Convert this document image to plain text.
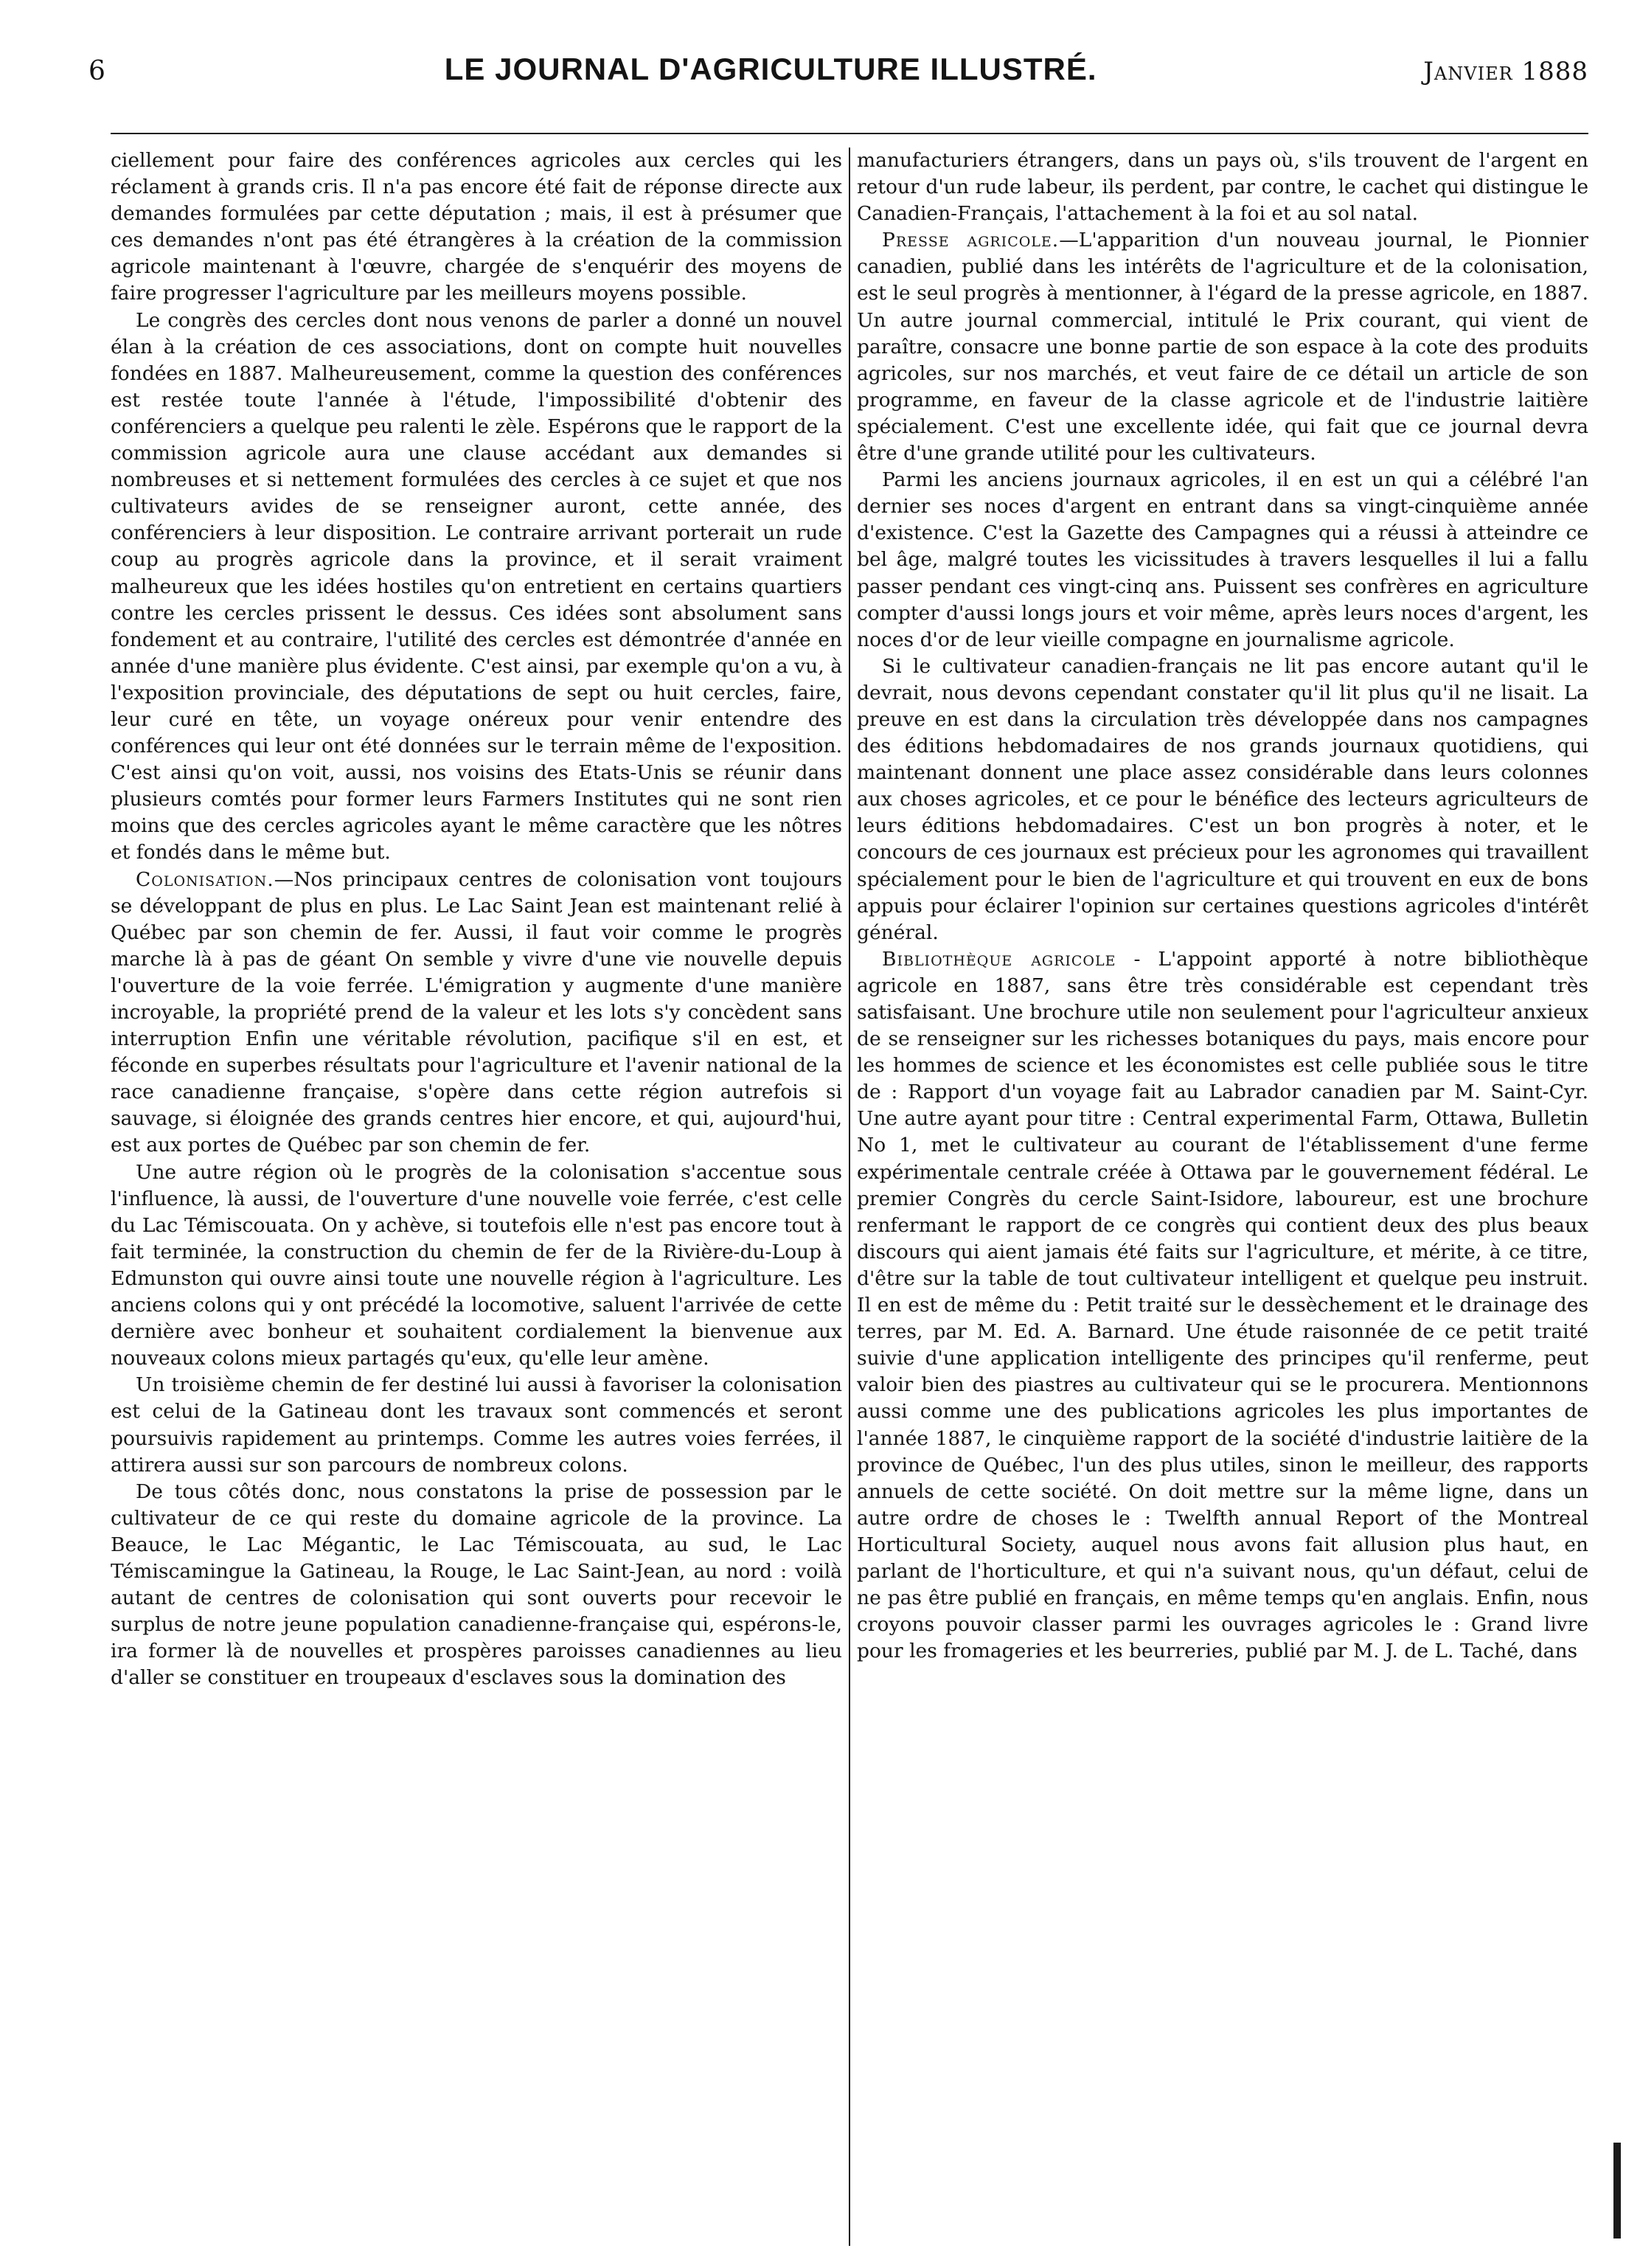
6	LE JOURNAL D'AGRICULTURE ILLUSTRÉ.	Janvier 1888

ciellement pour faire des conférences agricoles aux cercles qui les réclament à grands cris. Il n'a pas encore été fait de réponse directe aux demandes formulées par cette députation ; mais, il est à présumer que ces demandes n'ont pas été étrangères à la création de la commission agricole maintenant à l'œuvre, chargée de s'enquérir des moyens de faire progresser l'agriculture par les meilleurs moyens possible.

Le congrès des cercles dont nous venons de parler a donné un nouvel élan à la création de ces associations, dont on compte huit nouvelles fondées en 1887. Malheureusement, comme la question des conférences est restée toute l'année à l'étude, l'impossibilité d'obtenir des conférenciers a quelque peu ralenti le zèle. Espérons que le rapport de la commission agricole aura une clause accédant aux demandes si nombreuses et si nettement formulées des cercles à ce sujet et que nos cultivateurs avides de se renseigner auront, cette année, des conférenciers à leur disposition. Le contraire arrivant porterait un rude coup au progrès agricole dans la province, et il serait vraiment malheureux que les idées hostiles qu'on entretient en certains quartiers contre les cercles prissent le dessus. Ces idées sont absolument sans fondement et au contraire, l'utilité des cercles est démontrée d'année en année d'une manière plus évidente. C'est ainsi, par exemple qu'on a vu, à l'exposition provinciale, des députations de sept ou huit cercles, faire, leur curé en tête, un voyage onéreux pour venir entendre des conférences qui leur ont été données sur le terrain même de l'exposition. C'est ainsi qu'on voit, aussi, nos voisins des Etats-Unis se réunir dans plusieurs comtés pour former leurs Farmers Institutes qui ne sont rien moins que des cercles agricoles ayant le même caractère que les nôtres et fondés dans le même but.

Colonisation.—Nos principaux centres de colonisation vont toujours se développant de plus en plus. Le Lac Saint Jean est maintenant relié à Québec par son chemin de fer. Aussi, il faut voir comme le progrès marche là à pas de géant On semble y vivre d'une vie nouvelle depuis l'ouverture de la voie ferrée. L'émigration y augmente d'une manière incroyable, la propriété prend de la valeur et les lots s'y concèdent sans interruption Enfin une véritable révolution, pacifique s'il en est, et féconde en superbes résultats pour l'agriculture et l'avenir national de la race canadienne française, s'opère dans cette région autrefois si sauvage, si éloignée des grands centres hier encore, et qui, aujourd'hui, est aux portes de Québec par son chemin de fer.

Une autre région où le progrès de la colonisation s'accentue sous l'influence, là aussi, de l'ouverture d'une nouvelle voie ferrée, c'est celle du Lac Témiscouata. On y achève, si toutefois elle n'est pas encore tout à fait terminée, la construction du chemin de fer de la Rivière-du-Loup à Edmunston qui ouvre ainsi toute une nouvelle région à l'agriculture. Les anciens colons qui y ont précédé la locomotive, saluent l'arrivée de cette dernière avec bonheur et souhaitent cordialement la bienvenue aux nouveaux colons mieux partagés qu'eux, qu'elle leur amène.

Un troisième chemin de fer destiné lui aussi à favoriser la colonisation est celui de la Gatineau dont les travaux sont commencés et seront poursuivis rapidement au printemps. Comme les autres voies ferrées, il attirera aussi sur son parcours de nombreux colons.

De tous côtés donc, nous constatons la prise de possession par le cultivateur de ce qui reste du domaine agricole de la province. La Beauce, le Lac Mégantic, le Lac Témiscouata, au sud, le Lac Témiscamingue la Gatineau, la Rouge, le Lac Saint-Jean, au nord : voilà autant de centres de colonisation qui sont ouverts pour recevoir le surplus de notre jeune population canadienne-française qui, espérons-le, ira former là de nouvelles et prospères paroisses canadiennes au lieu d'aller se constituer en troupeaux d'esclaves sous la domination des

manufacturiers étrangers, dans un pays où, s'ils trouvent de l'argent en retour d'un rude labeur, ils perdent, par contre, le cachet qui distingue le Canadien-Français, l'attachement à la foi et au sol natal.

Presse agricole.—L'apparition d'un nouveau journal, le Pionnier canadien, publié dans les intérêts de l'agriculture et de la colonisation, est le seul progrès à mentionner, à l'égard de la presse agricole, en 1887. Un autre journal commercial, intitulé le Prix courant, qui vient de paraître, consacre une bonne partie de son espace à la cote des produits agricoles, sur nos marchés, et veut faire de ce détail un article de son programme, en faveur de la classe agricole et de l'industrie laitière spécialement. C'est une excellente idée, qui fait que ce journal devra être d'une grande utilité pour les cultivateurs.

Parmi les anciens journaux agricoles, il en est un qui a célébré l'an dernier ses noces d'argent en entrant dans sa vingt-cinquième année d'existence. C'est la Gazette des Campagnes qui a réussi à atteindre ce bel âge, malgré toutes les vicissitudes à travers lesquelles il lui a fallu passer pendant ces vingt-cinq ans. Puissent ses confrères en agriculture compter d'aussi longs jours et voir même, après leurs noces d'argent, les noces d'or de leur vieille compagne en journalisme agricole.

Si le cultivateur canadien-français ne lit pas encore autant qu'il le devrait, nous devons cependant constater qu'il lit plus qu'il ne lisait. La preuve en est dans la circulation très développée dans nos campagnes des éditions hebdomadaires de nos grands journaux quotidiens, qui maintenant donnent une place assez considérable dans leurs colonnes aux choses agricoles, et ce pour le bénéfice des lecteurs agriculteurs de leurs éditions hebdomadaires. C'est un bon progrès à noter, et le concours de ces journaux est précieux pour les agronomes qui travaillent spécialement pour le bien de l'agriculture et qui trouvent en eux de bons appuis pour éclairer l'opinion sur certaines questions agricoles d'intérêt général.

Bibliothèque agricole - L'appoint apporté à notre bibliothèque agricole en 1887, sans être très considérable est cependant très satisfaisant. Une brochure utile non seulement pour l'agriculteur anxieux de se renseigner sur les richesses botaniques du pays, mais encore pour les hommes de science et les économistes est celle publiée sous le titre de : Rapport d'un voyage fait au Labrador canadien par M. Saint-Cyr. Une autre ayant pour titre : Central experimental Farm, Ottawa, Bulletin No 1, met le cultivateur au courant de l'établissement d'une ferme expérimentale centrale créée à Ottawa par le gouvernement fédéral. Le premier Congrès du cercle Saint-Isidore, laboureur, est une brochure renfermant le rapport de ce congrès qui contient deux des plus beaux discours qui aient jamais été faits sur l'agriculture, et mérite, à ce titre, d'être sur la table de tout cultivateur intelligent et quelque peu instruit. Il en est de même du : Petit traité sur le dessèchement et le drainage des terres, par M. Ed. A. Barnard. Une étude raisonnée de ce petit traité suivie d'une application intelligente des principes qu'il renferme, peut valoir bien des piastres au cultivateur qui se le procurera. Mentionnons aussi comme une des publications agricoles les plus importantes de l'année 1887, le cinquième rapport de la société d'industrie laitière de la province de Québec, l'un des plus utiles, sinon le meilleur, des rapports annuels de cette société. On doit mettre sur la même ligne, dans un autre ordre de choses le : Twelfth annual Report of the Montreal Horticultural Society, auquel nous avons fait allusion plus haut, en parlant de l'horticulture, et qui n'a suivant nous, qu'un défaut, celui de ne pas être publié en français, en même temps qu'en anglais. Enfin, nous croyons pouvoir classer parmi les ouvrages agricoles le : Grand livre pour les fromageries et les beurreries, publié par M. J. de L. Taché, dans
